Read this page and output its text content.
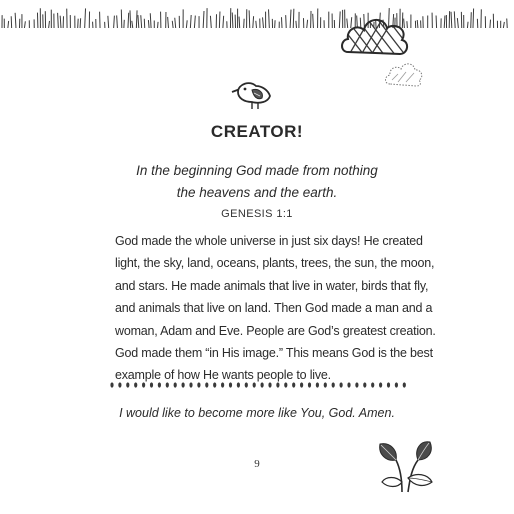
CREATOR!
In the beginning God made from nothing
the heavens and the earth.
GENESIS 1:1
God made the whole universe in just six days! He created
light, the sky, land, oceans, plants, trees, the sun, the moon,
and stars. He made animals that live in water, birds that fly,
and animals that live on land. Then God made a man and a
woman, Adam and Eve. People are God’s greatest creation.
God made them “in His image.” This means God is the best
example of how He wants people to live.
I would like to become more like You, God. Amen.
9
